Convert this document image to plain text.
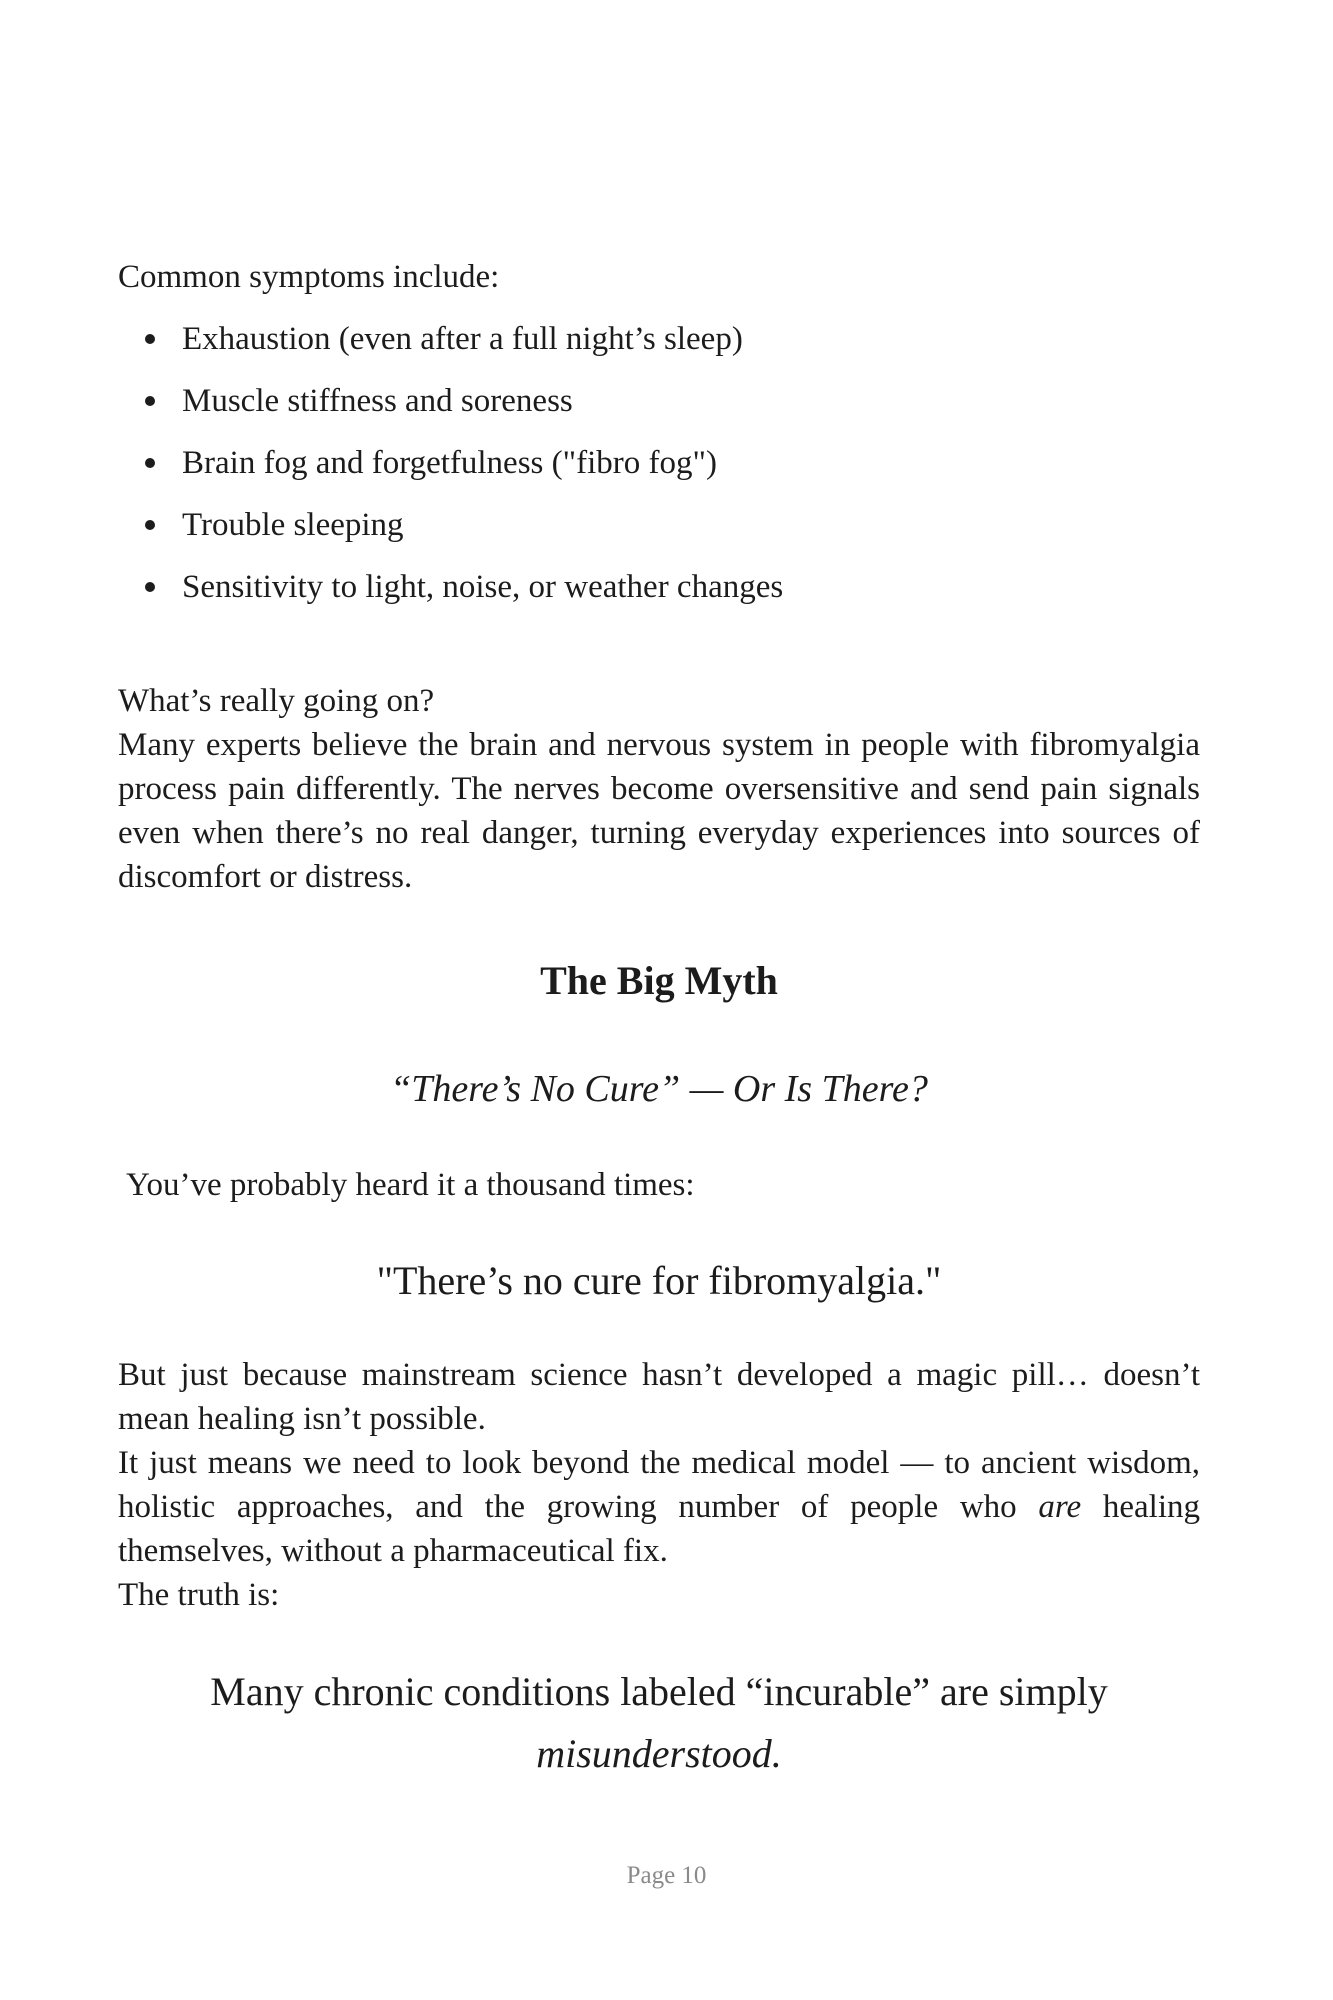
Common symptoms include:

Exhaustion (even after a full night’s sleep)
Muscle stiffness and soreness
Brain fog and forgetfulness ("fibro fog")
Trouble sleeping
Sensitivity to light, noise, or weather changes

What’s really going on?

Many experts believe the brain and nervous system in people with fibromyalgia process pain differently. The nerves become oversensitive and send pain signals even when there’s no real danger, turning everyday experiences into sources of discomfort or distress.

The Big Myth

“There’s No Cure” — Or Is There?

You’ve probably heard it a thousand times:

"There’s no cure for fibromyalgia."

But just because mainstream science hasn’t developed a magic pill… doesn’t mean healing isn’t possible.
It just means we need to look beyond the medical model — to ancient wisdom, holistic approaches, and the growing number of people who are healing themselves, without a pharmaceutical fix.

The truth is:

Many chronic conditions labeled “incurable” are simply
misunderstood.

Page 10
